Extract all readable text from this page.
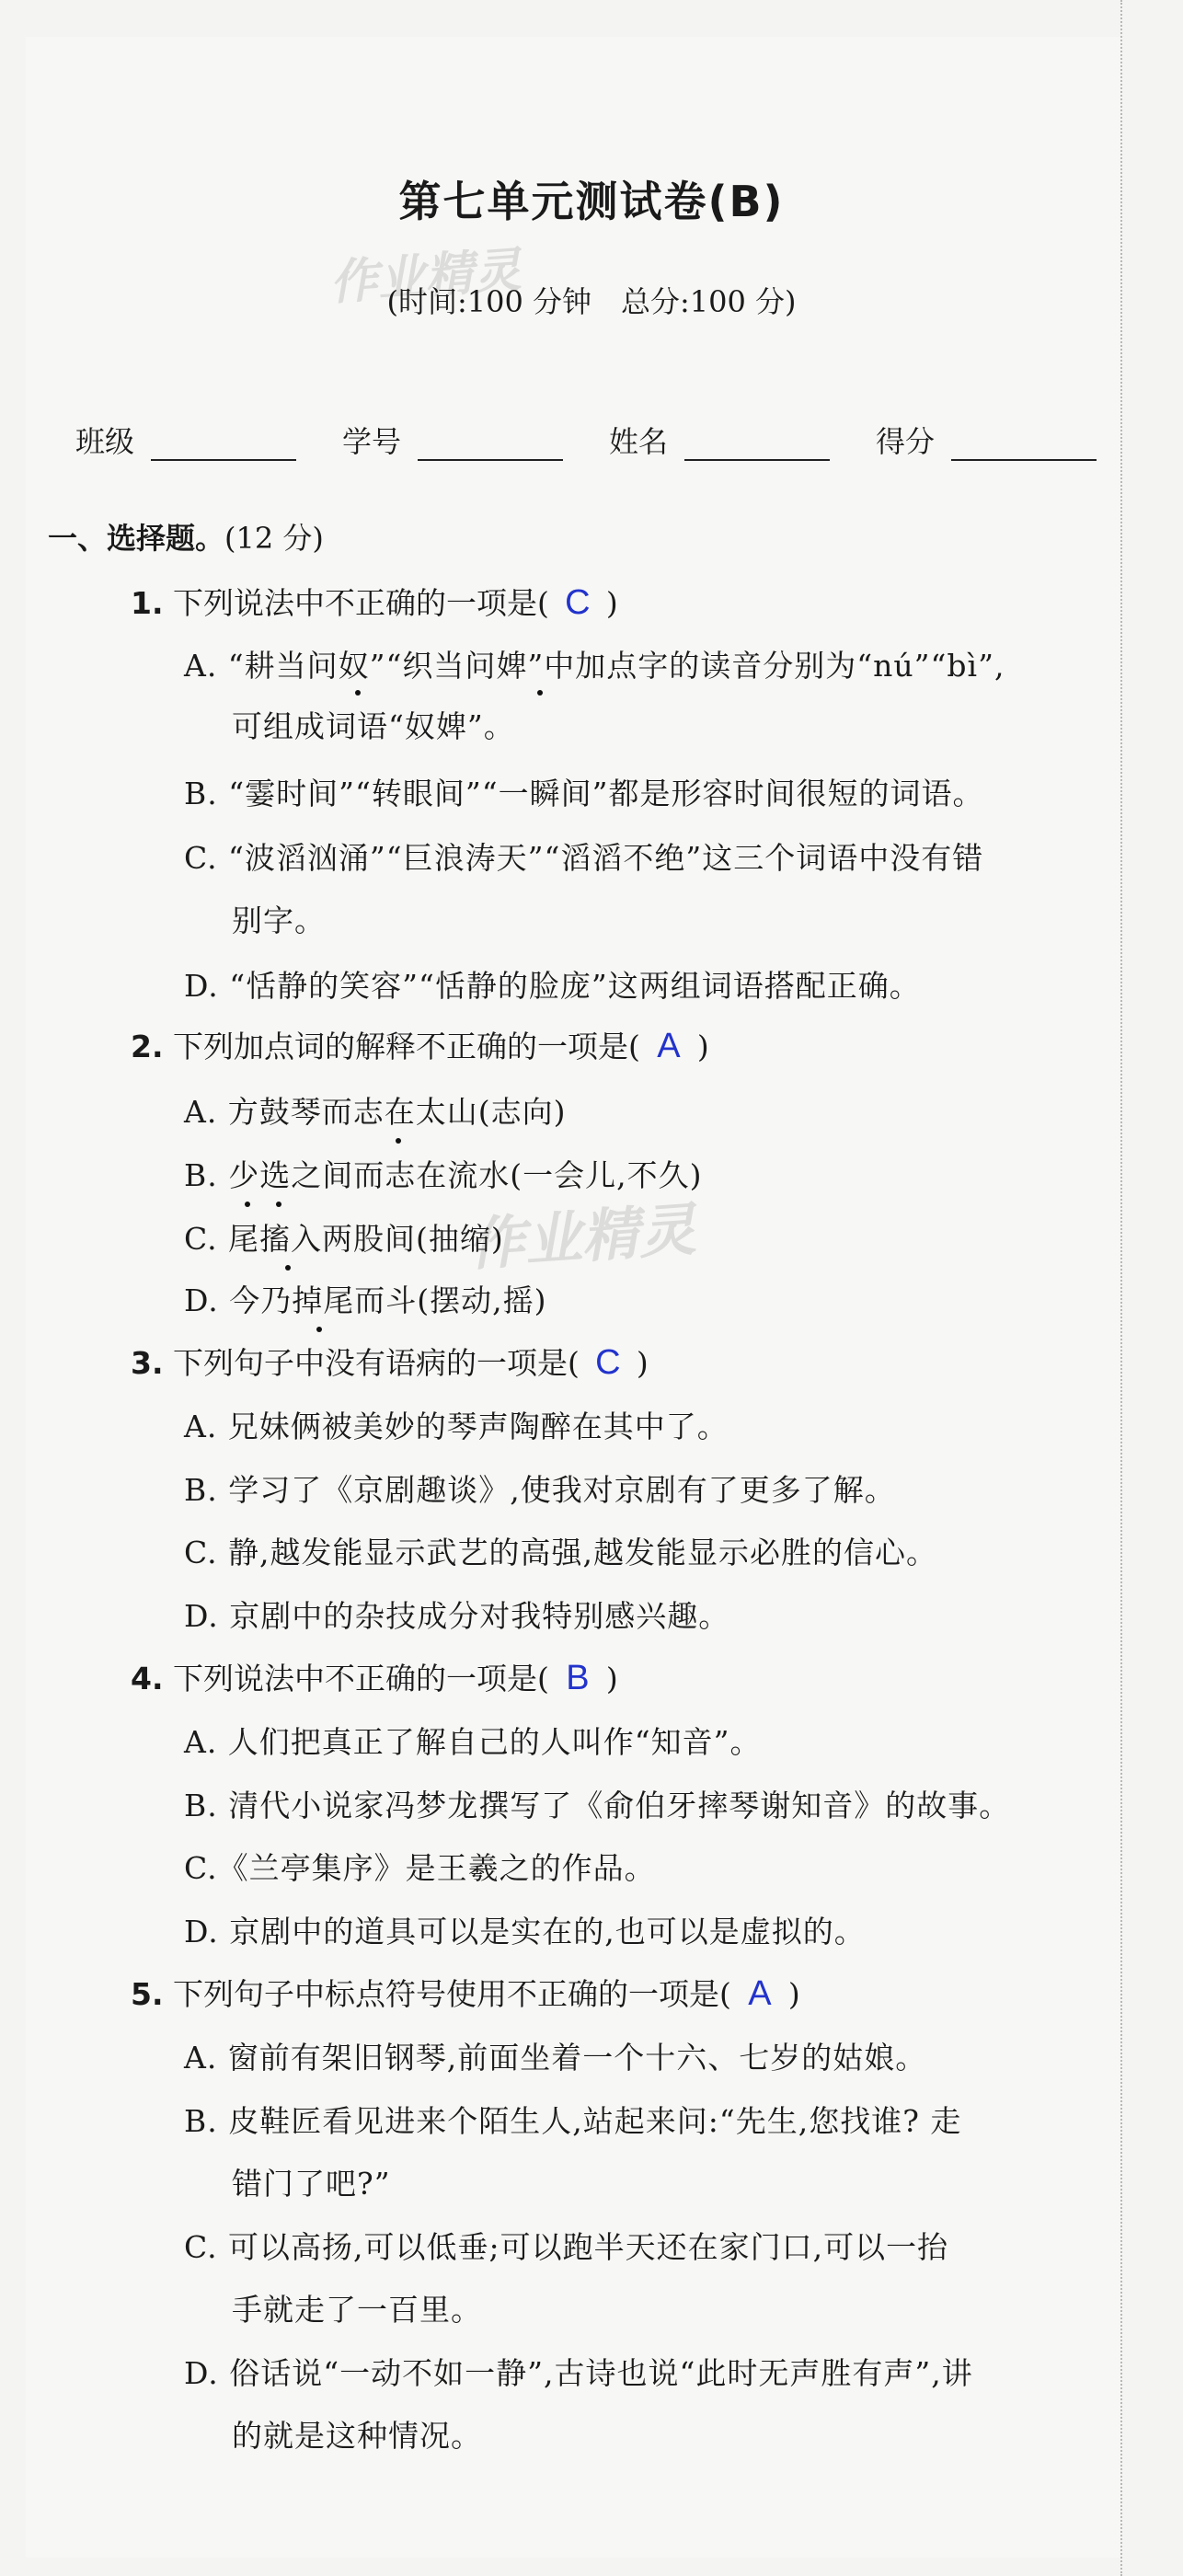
作业精灵
作业精灵
第七单元测试卷(B)
(时间:100 分钟　总分:100 分)
班级	学号	姓名	得分
一、选择题。(12 分)
1. 下列说法中不正确的一项是( C )
A. “耕当问奴”“织当问婢”中加点字的读音分别为“nú”“bì”,
可组成词语“奴婢”。
B. “霎时间”“转眼间”“一瞬间”都是形容时间很短的词语。
C. “波滔汹涌”“巨浪涛天”“滔滔不绝”这三个词语中没有错
别字。
D. “恬静的笑容”“恬静的脸庞”这两组词语搭配正确。
2. 下列加点词的解释不正确的一项是( A )
A. 方鼓琴而志在太山(志向)
B. 少选之间而志在流水(一会儿,不久)
C. 尾搐入两股间(抽缩)
D. 今乃掉尾而斗(摆动,摇)
3. 下列句子中没有语病的一项是( C )
A. 兄妹俩被美妙的琴声陶醉在其中了。
B. 学习了《京剧趣谈》,使我对京剧有了更多了解。
C. 静,越发能显示武艺的高强,越发能显示必胜的信心。
D. 京剧中的杂技成分对我特别感兴趣。
4. 下列说法中不正确的一项是( B )
A. 人们把真正了解自己的人叫作“知音”。
B. 清代小说家冯梦龙撰写了《俞伯牙摔琴谢知音》的故事。
C.《兰亭集序》是王羲之的作品。
D. 京剧中的道具可以是实在的,也可以是虚拟的。
5. 下列句子中标点符号使用不正确的一项是( A )
A. 窗前有架旧钢琴,前面坐着一个十六、七岁的姑娘。
B. 皮鞋匠看见进来个陌生人,站起来问:“先生,您找谁? 走
错门了吧?”
C. 可以高扬,可以低垂;可以跑半天还在家门口,可以一抬
手就走了一百里。
D. 俗话说“一动不如一静”,古诗也说“此时无声胜有声”,讲
的就是这种情况。
